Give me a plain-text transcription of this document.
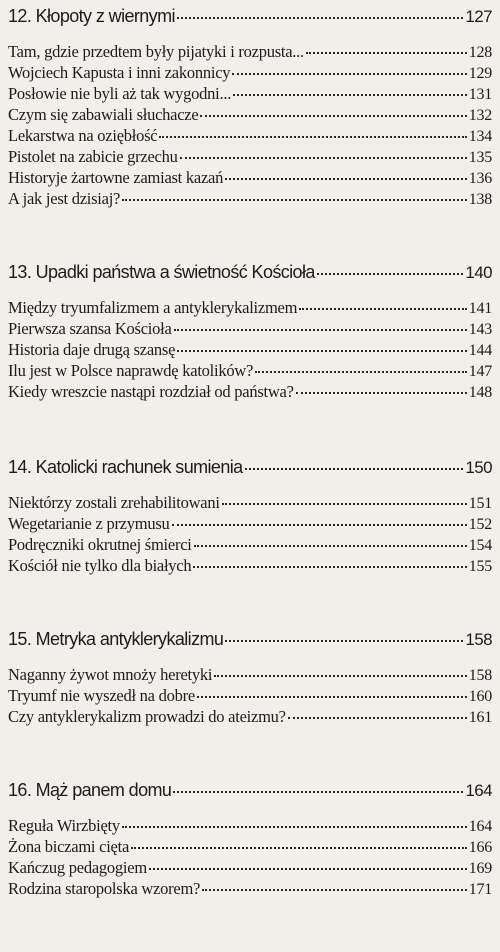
12. Kłopoty z wiernymi	127
Tam, gdzie przedtem były pijatyki i rozpusta...	128
Wojciech Kapusta i inni zakonnicy	129
Posłowie nie byli aż tak wygodni...	131
Czym się zabawiali słuchacze	132
Lekarstwa na oziębłość	134
Pistolet na zabicie grzechu	135
Historyje żartowne zamiast kazań	136
A jak jest dzisiaj?	138
13. Upadki państwa a świetność Kościoła	140
Między tryumfalizmem a antyklerykalizmem	141
Pierwsza szansa Kościoła	143
Historia daje drugą szansę	144
Ilu jest w Polsce naprawdę katolików?	147
Kiedy wreszcie nastąpi rozdział od państwa?	148
14. Katolicki rachunek sumienia	150
Niektórzy zostali zrehabilitowani	151
Wegetarianie z przymusu	152
Podręczniki okrutnej śmierci	154
Kościół nie tylko dla białych	155
15. Metryka antyklerykalizmu	158
Naganny żywot mnoży heretyki	158
Tryumf nie wyszedł na dobre	160
Czy antyklerykalizm prowadzi do ateizmu?	161
16. Mąż panem domu	164
Reguła Wirzbięty	164
Żona biczami cięta	166
Kańczug pedagogiem	169
Rodzina staropolska wzorem?	171
